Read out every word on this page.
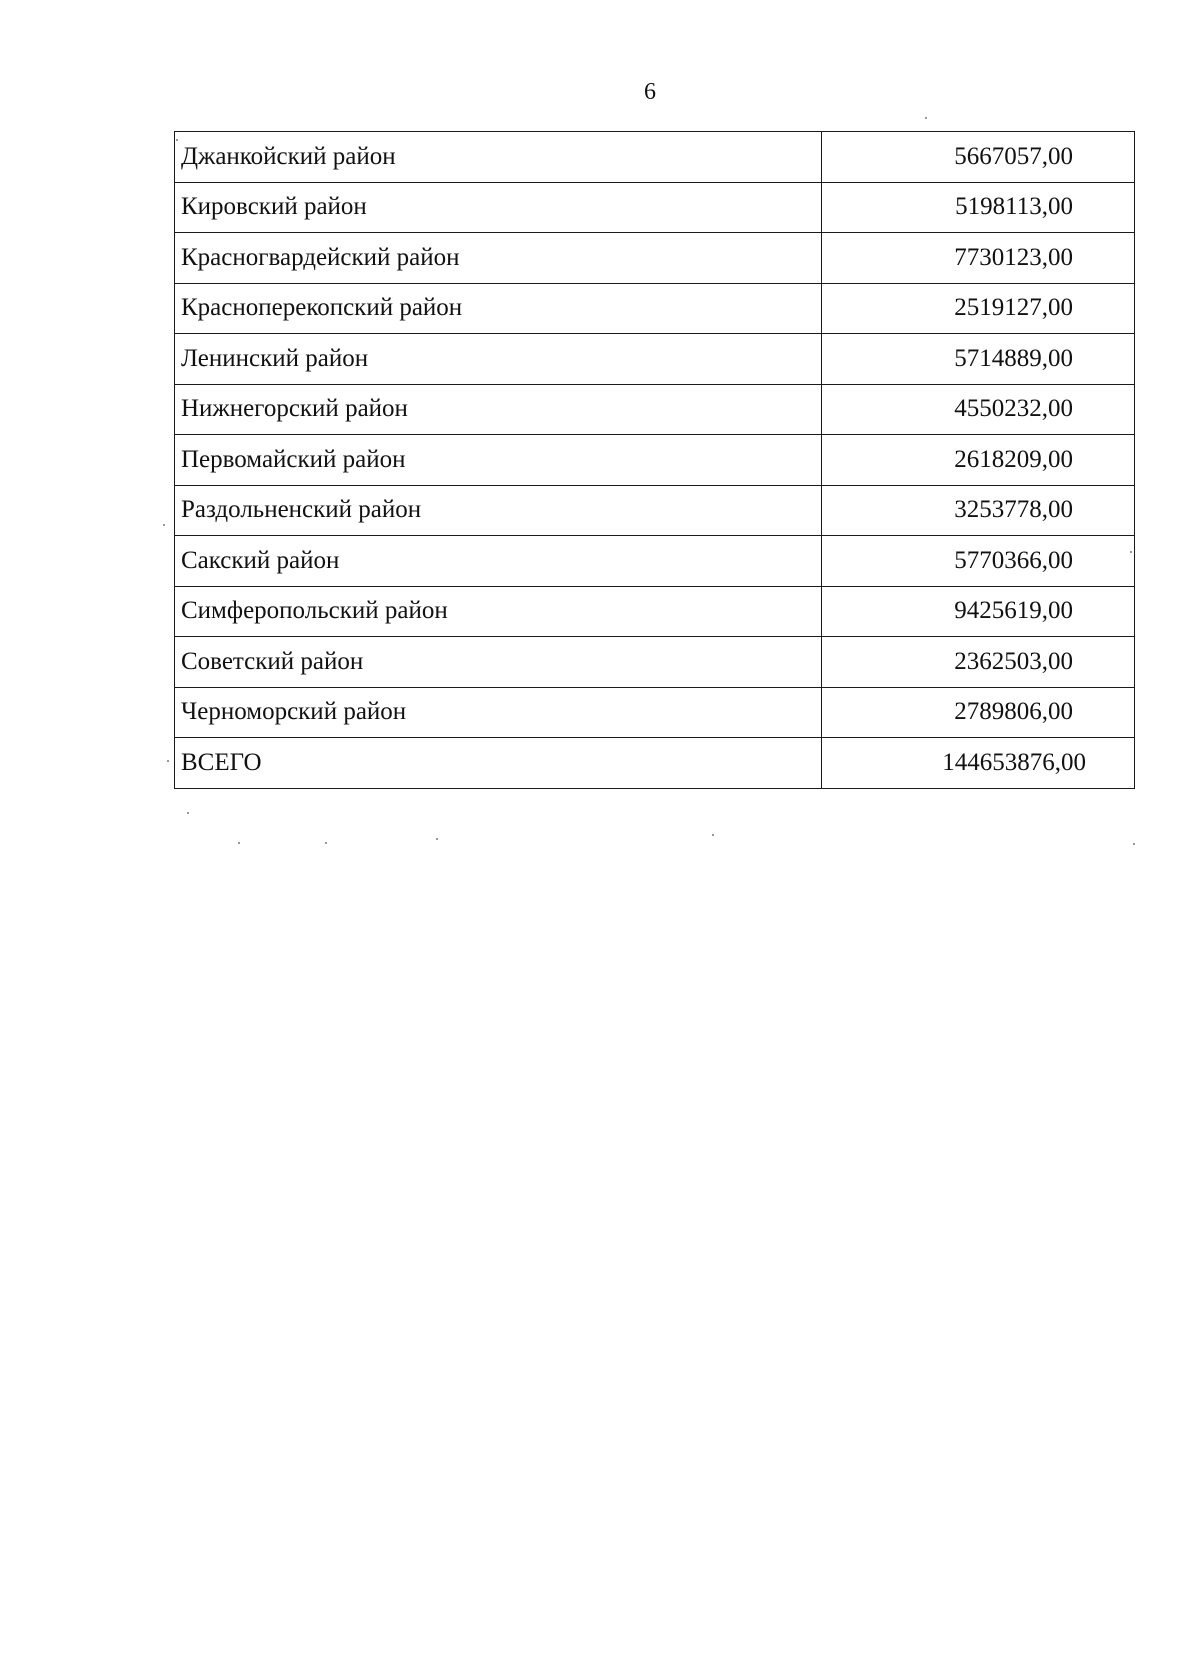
6
Джанкойский район	5667057,00
Кировский район	5198113,00
Красногвардейский район	7730123,00
Красноперекопский район	2519127,00
Ленинский район	5714889,00
Нижнегорский район	4550232,00
Первомайский район	2618209,00
Раздольненский район	3253778,00
Сакский район	5770366,00
Симферопольский район	9425619,00
Советский район	2362503,00
Черноморский район	2789806,00
ВСЕГО	144653876,00
